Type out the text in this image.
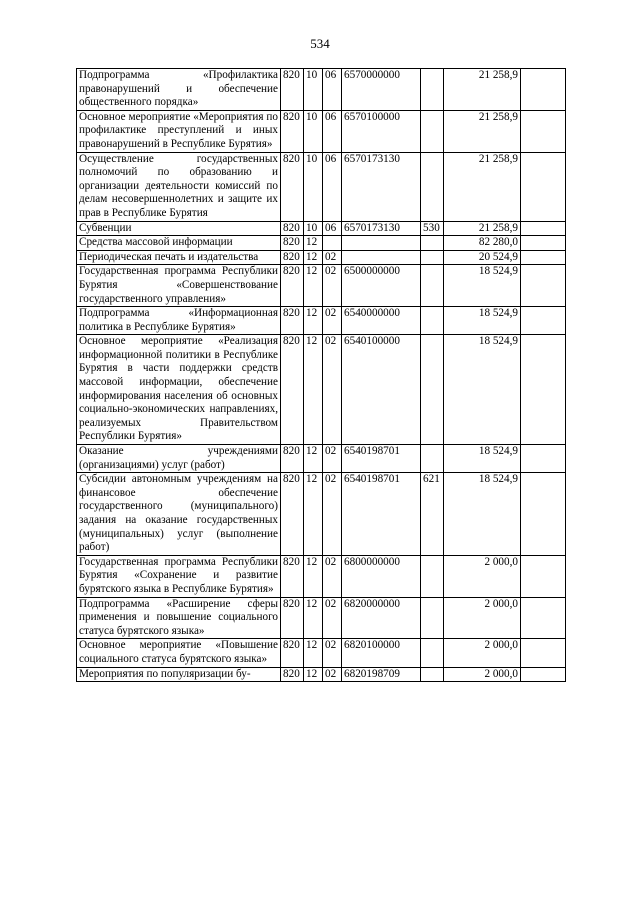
534
Подпрограмма «Профилактика правонарушений и обеспечение общественного порядка»	820	10	06	6570000000		21 258,9	
Основное мероприятие «Мероприятия по профилактике преступлений и иных правонарушений в Республике Бурятия»	820	10	06	6570100000		21 258,9	
Осуществление государственных полномочий по образованию и организации деятельности комиссий по делам несовершеннолетних и защите их прав в Республике Бурятия	820	10	06	6570173130		21 258,9	
Субвенции	820	10	06	6570173130	530	21 258,9	
Средства массовой информации	820	12				82 280,0	
Периодическая печать и издательства	820	12	02			20 524,9	
Государственная программа Республики Бурятия «Совершенствование государственного управления»	820	12	02	6500000000		18 524,9	
Подпрограмма «Информационная политика в Республике Бурятия»	820	12	02	6540000000		18 524,9	
Основное мероприятие «Реализация информационной политики в Республике Бурятия в части поддержки средств массовой информации, обеспечение информирования населения об основных социально-экономических направлениях, реализуемых Правительством Республики Бурятия»	820	12	02	6540100000		18 524,9	
Оказание учреждениями (организациями) услуг (работ)	820	12	02	6540198701		18 524,9	
Субсидии автономным учреждениям на финансовое обеспечение государственного (муниципального) задания на оказание государственных (муниципальных) услуг (выполнение работ)	820	12	02	6540198701	621	18 524,9	
Государственная программа Республики Бурятия «Сохранение и развитие бурятского языка в Республике Бурятия»	820	12	02	6800000000		2 000,0	
Подпрограмма «Расширение сферы применения и повышение социального статуса бурятского языка»	820	12	02	6820000000		2 000,0	
Основное мероприятие «Повышение социального статуса бурятского языка»	820	12	02	6820100000		2 000,0	
Мероприятия по популяризации бу-	820	12	02	6820198709		2 000,0	
